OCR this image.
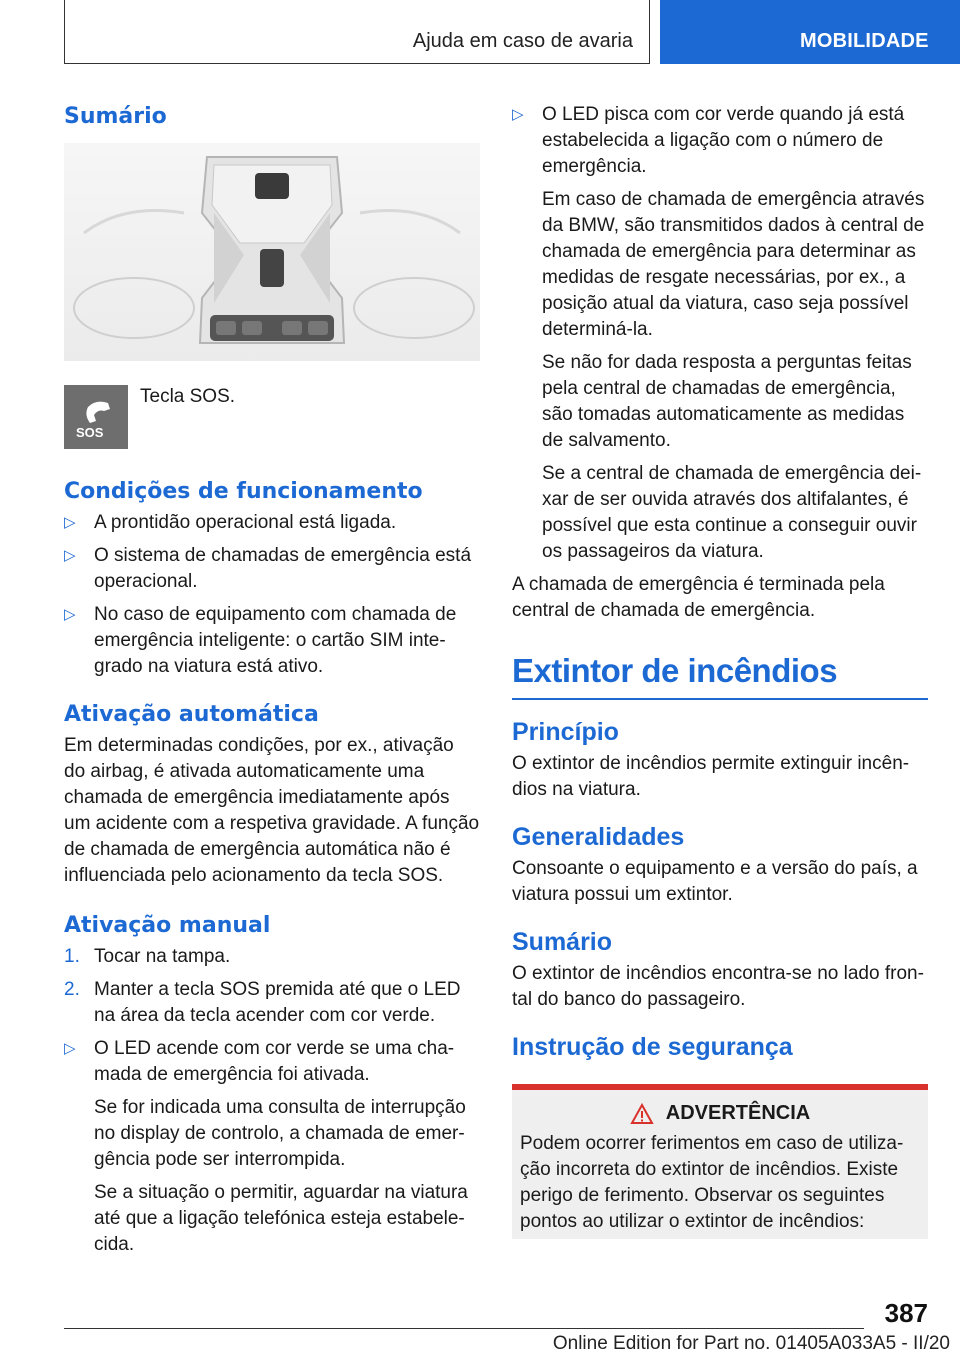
Ajuda em caso de avaria	MOBILIDADE
Sumário
SOS
Tecla SOS.
Condições de funcionamento
▷ A prontidão operacional está ligada.
▷ O sistema de chamadas de emergência está operacional.
▷ No caso de equipamento com chamada de emergência inteligente: o cartão SIM inte‐grado na viatura está ativo.
Ativação automática

Em determinadas condições, por ex., ativação do airbag, é ativada automaticamente uma chamada de emergência imediatamente após um acidente com a respetiva gravidade. A função de chamada de emergência automática não é influenciada pelo acionamento da tecla SOS.

Ativação manual
1. Tocar na tampa.
2. Manter a tecla SOS premida até que o LED na área da tecla acender com cor verde.
▷ O LED acende com cor verde se uma cha‐mada de emergência foi ativada.
Se for indicada uma consulta de interrupção no display de controlo, a chamada de emer‐gência pode ser interrompida.
Se a situação o permitir, aguardar na viatura até que a ligação telefónica esteja estabele‐cida.
▷ O LED pisca com cor verde quando já está estabelecida a ligação com o número de emergência.
Em caso de chamada de emergência através da BMW, são transmitidos dados à central de chamada de emergência para determinar as medidas de resgate necessárias, por ex., a posição atual da viatura, caso seja possível determiná-la.
Se não for dada resposta a perguntas feitas pela central de chamadas de emergência, são tomadas automaticamente as medidas de salvamento.
Se a central de chamada de emergência dei‐xar de ser ouvida através dos altifalantes, é possível que esta continue a conseguir ouvir os passageiros da viatura.

A chamada de emergência é terminada pela central de chamada de emergência.

Extintor de incêndios
Princípio

O extintor de incêndios permite extinguir incên‐dios na viatura.

Generalidades

Consoante o equipamento e a versão do país, a viatura possui um extintor.

Sumário

O extintor de incêndios encontra-se no lado fron‐tal do banco do passageiro.

Instrução de segurança
ADVERTÊNCIA

Podem ocorrer ferimentos em caso de utiliza‐ção incorreta do extintor de incêndios. Existe perigo de ferimento. Observar os seguintes pontos ao utilizar o extintor de incêndios:

387
Online Edition for Part no. 01405A033A5 - II/20
